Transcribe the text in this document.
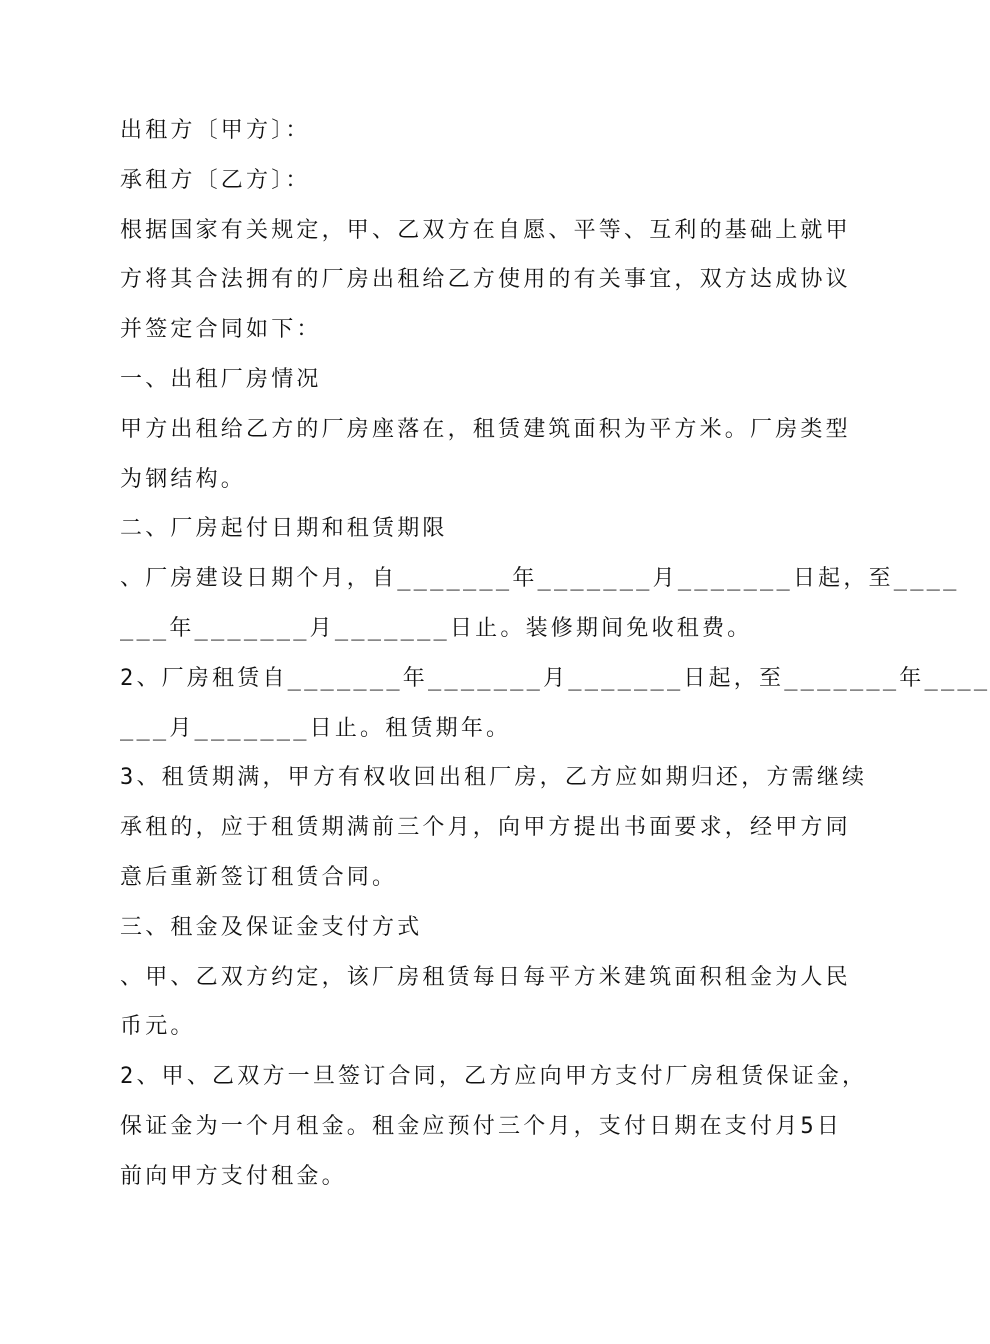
出租方〔甲方〕：
承租方〔乙方〕：
根据国家有关规定，甲、乙双方在自愿、平等、互利的基础上就甲
方将其合法拥有的厂房出租给乙方使用的有关事宜，双方达成协议
并签定合同如下：
一、出租厂房情况
甲方出租给乙方的厂房座落在，租赁建筑面积为平方米。厂房类型
为钢结构。
二、厂房起付日期和租赁期限
、厂房建设日期个月，自_______年_______月_______日起，至____
___年_______月_______日止。装修期间免收租费。
2、厂房租赁自_______年_______月_______日起，至_______年____
___月_______日止。租赁期年。
3、租赁期满，甲方有权收回出租厂房，乙方应如期归还，方需继续
承租的，应于租赁期满前三个月，向甲方提出书面要求，经甲方同
意后重新签订租赁合同。
三、租金及保证金支付方式
、甲、乙双方约定，该厂房租赁每日每平方米建筑面积租金为人民
币元。
2、甲、乙双方一旦签订合同，乙方应向甲方支付厂房租赁保证金，
保证金为一个月租金。租金应预付三个月，支付日期在支付月5日
前向甲方支付租金。
